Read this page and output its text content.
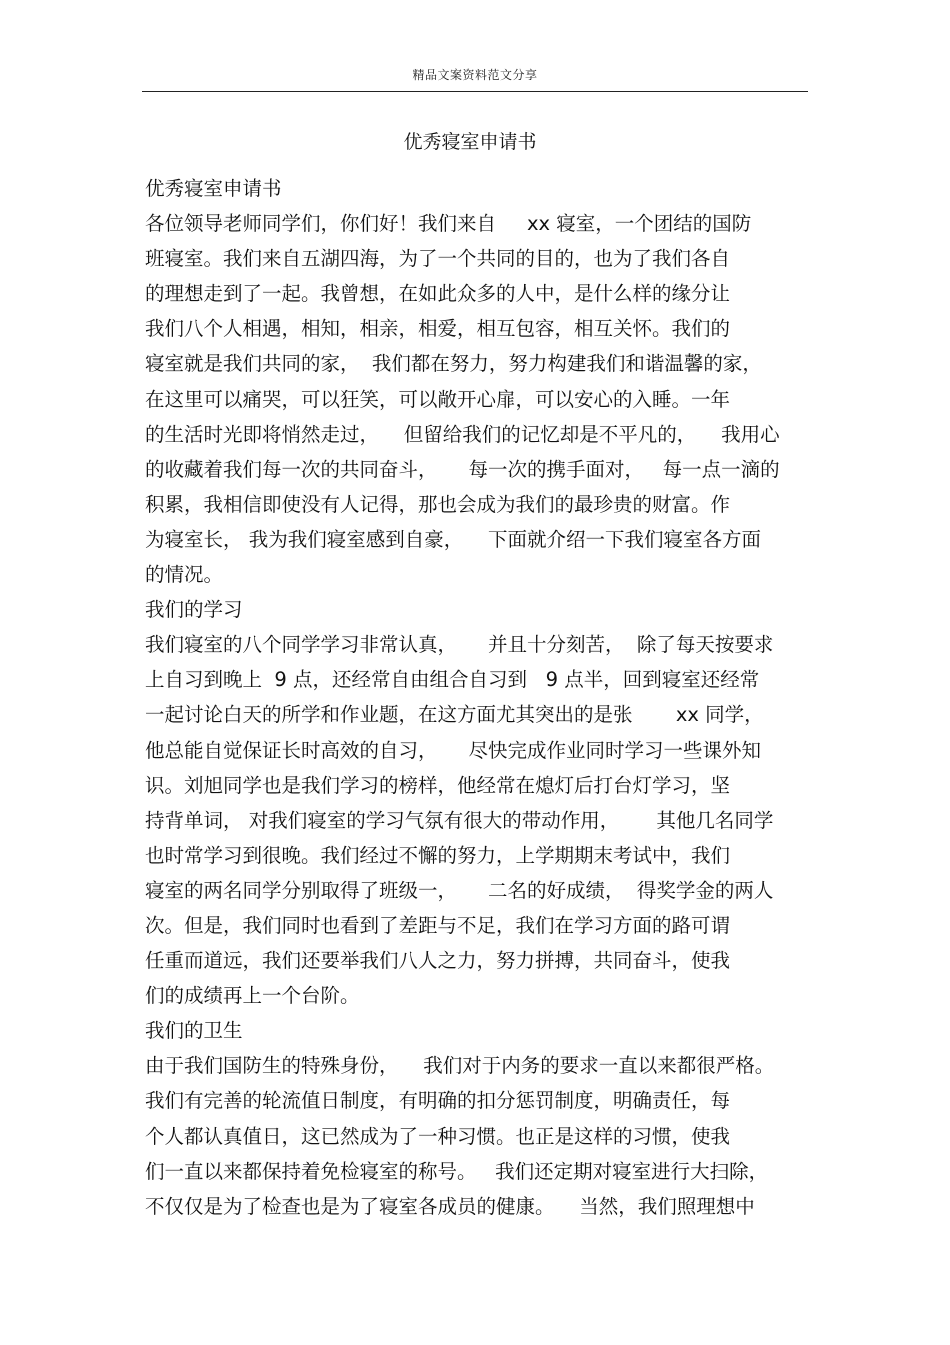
精品文案资料范文分享
优秀寝室申请书
优秀寝室申请书
各位领导老师同学们，你们好！我们来自     xx 寝室，一个团结的国防
班寝室。我们来自五湖四海，为了一个共同的目的，也为了我们各自
的理想走到了一起。我曾想，在如此众多的人中，是什么样的缘分让
我们八个人相遇，相知，相亲，相爱，相互包容，相互关怀。我们的
寝室就是我们共同的家，  我们都在努力，努力构建我们和谐温馨的家，
在这里可以痛哭，可以狂笑，可以敞开心扉，可以安心的入睡。一年
的生活时光即将悄然走过，    但留给我们的记忆却是不平凡的，    我用心
的收藏着我们每一次的共同奋斗，     每一次的携手面对，   每一点一滴的
积累，我相信即使没有人记得，那也会成为我们的最珍贵的财富。作
为寝室长， 我为我们寝室感到自豪，    下面就介绍一下我们寝室各方面
的情况。
我们的学习
我们寝室的八个同学学习非常认真，     并且十分刻苦，  除了每天按要求
上自习到晚上  9 点，还经常自由组合自习到   9 点半，回到寝室还经常
一起讨论白天的所学和作业题，在这方面尤其突出的是张       xx 同学，
他总能自觉保证长时高效的自习，     尽快完成作业同时学习一些课外知
识。刘旭同学也是我们学习的榜样，他经常在熄灯后打台灯学习，坚
持背单词， 对我们寝室的学习气氛有很大的带动作用，      其他几名同学
也时常学习到很晚。我们经过不懈的努力，上学期期末考试中，我们
寝室的两名同学分别取得了班级一，     二名的好成绩，  得奖学金的两人
次。但是，我们同时也看到了差距与不足，我们在学习方面的路可谓
任重而道远，我们还要举我们八人之力，努力拼搏，共同奋斗，使我
们的成绩再上一个台阶。
我们的卫生
由于我们国防生的特殊身份，    我们对于内务的要求一直以来都很严格。
我们有完善的轮流值日制度，有明确的扣分惩罚制度，明确责任，每
个人都认真值日，这已然成为了一种习惯。也正是这样的习惯，使我
们一直以来都保持着免检寝室的称号。   我们还定期对寝室进行大扫除，
不仅仅是为了检查也是为了寝室各成员的健康。    当然，我们照理想中
